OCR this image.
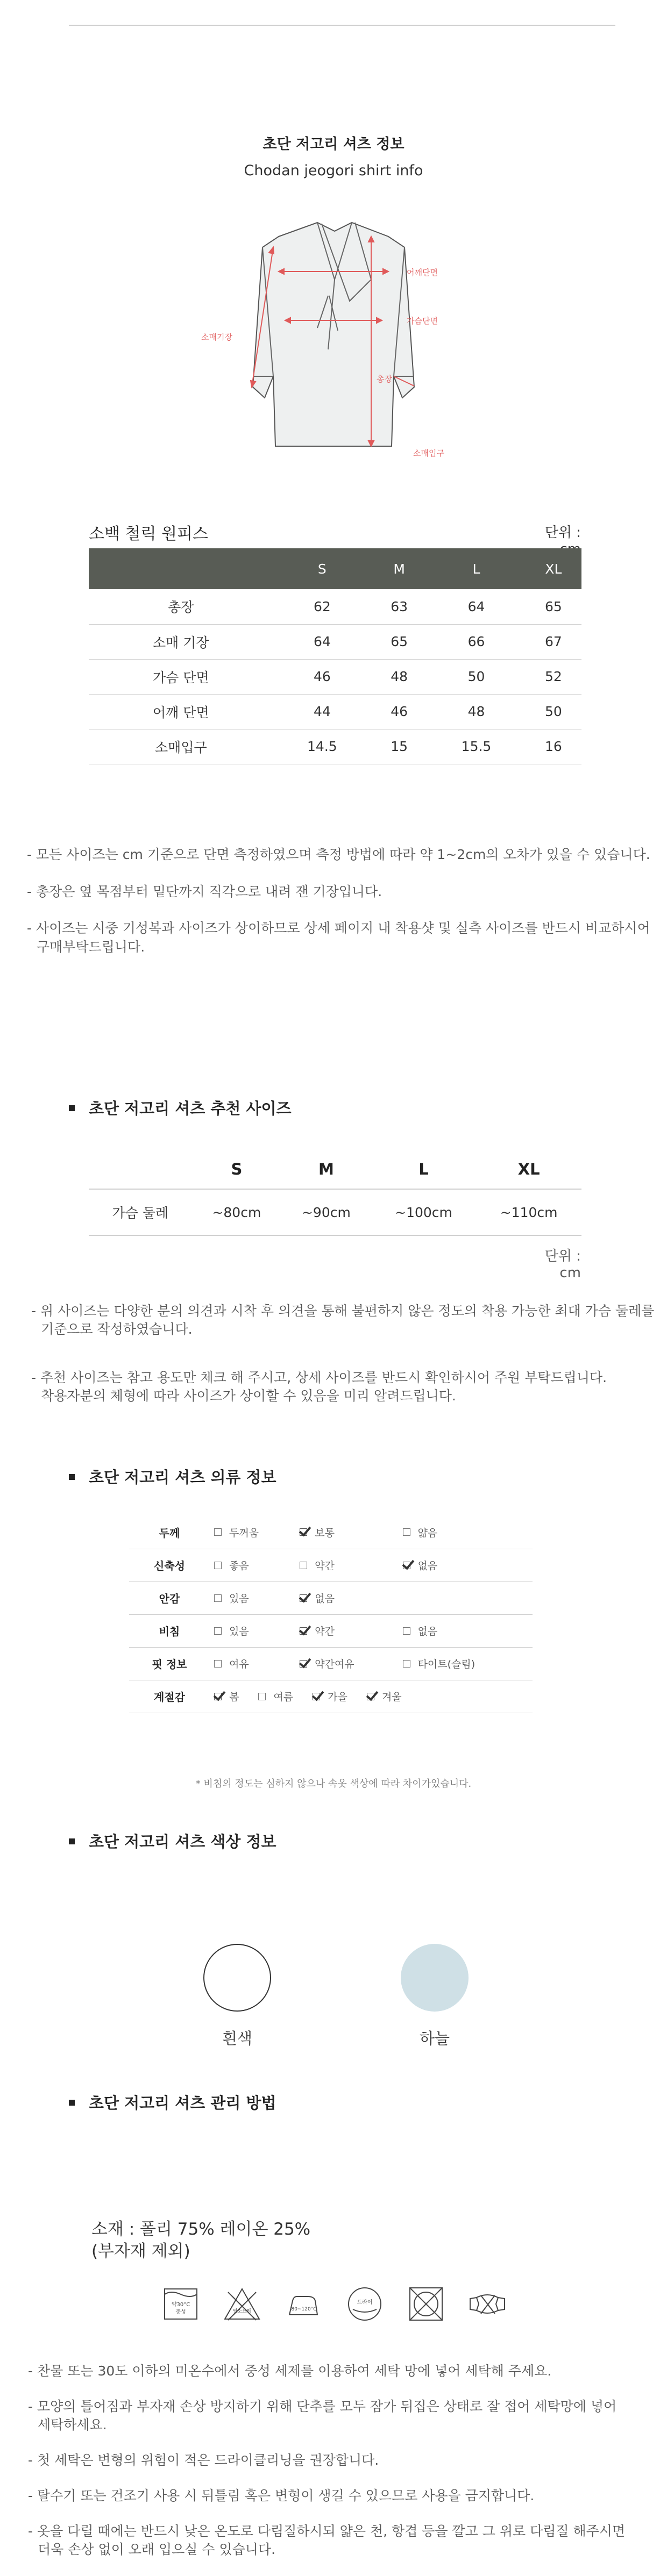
초단 저고리 셔츠 정보
Chodan jeogori shirt info
어깨단면
가슴단면
소매기장
총장
소매입구
소백 철릭 원피스	단위 :
	S	M	L	XL
총장	62	63	64	65
소매 기장	64	65	66	67
가슴 단면	46	48	50	52
어깨 단면	44	46	48	50
소매입구	14.5	15	15.5	16
- 모든 사이즈는 cm 기준으로 단면 측정하였으며 측정 방법에 따라 약 1~2cm의 오차가 있을 수 있습니다.
- 총장은 옆 목점부터 밑단까지 직각으로 내려 잰 기장입니다.
- 사이즈는 시중 기성복과 사이즈가 상이하므로 상세 페이지 내 착용샷 및 실측 사이즈를 반드시 비교하시어
구매부탁드립니다.
초단 저고리 셔츠 추천 사이즈
	S	M	L	XL
가슴 둘레	~80cm	~90cm	~100cm	~110cm
단위 : cm
- 위 사이즈는 다양한 분의 의견과 시착 후 의견을 통해 불편하지 않은 정도의 착용 가능한 최대 가슴 둘레를
기준으로 작성하였습니다.
- 추천 사이즈는 참고 용도만 체크 해 주시고, 상세 사이즈를 반드시 확인하시어 주원 부탁드립니다.
착용자분의 체형에 따라 사이즈가 상이할 수 있음을 미리 알려드립니다.
초단 저고리 셔츠 의류 정보
두께	두꺼움	보통	얇음
신축성	좋음	약간	없음
안감	있음	없음	
비침	있음	약간	없음
핏 정보	여유	약간여유	타이트(슬림)
계절감	봄 여름 가을 겨울		
* 비침의 정도는 심하지 않으나 속옷 색상에 따라 차이가있습니다.
초단 저고리 셔츠 색상 정보
흰색	하늘
초단 저고리 셔츠 관리 방법
소재 : 폴리 75% 레이온 25%
(부자재 제외)
약30°C
중성	염소표백	80~120°C
드라이
- 찬물 또는 30도 이하의 미온수에서 중성 세제를 이용하여 세탁 망에 넣어 세탁해 주세요.
- 모양의 틀어짐과 부자재 손상 방지하기 위해 단추를 모두 잠가 뒤집은 상태로 잘 접어 세탁망에 넣어
세탁하세요.
- 첫 세탁은 변형의 위험이 적은 드라이클리닝을 권장합니다.
- 탈수기 또는 건조기 사용 시 뒤틀림 혹은 변형이 생길 수 있으므로 사용을 금지합니다.
- 옷을 다릴 때에는 반드시 낮은 온도로 다림질하시되 얇은 천, 항겹 등을 깔고 그 위로 다림질 해주시면
더욱 손상 없이 오래 입으실 수 있습니다.
